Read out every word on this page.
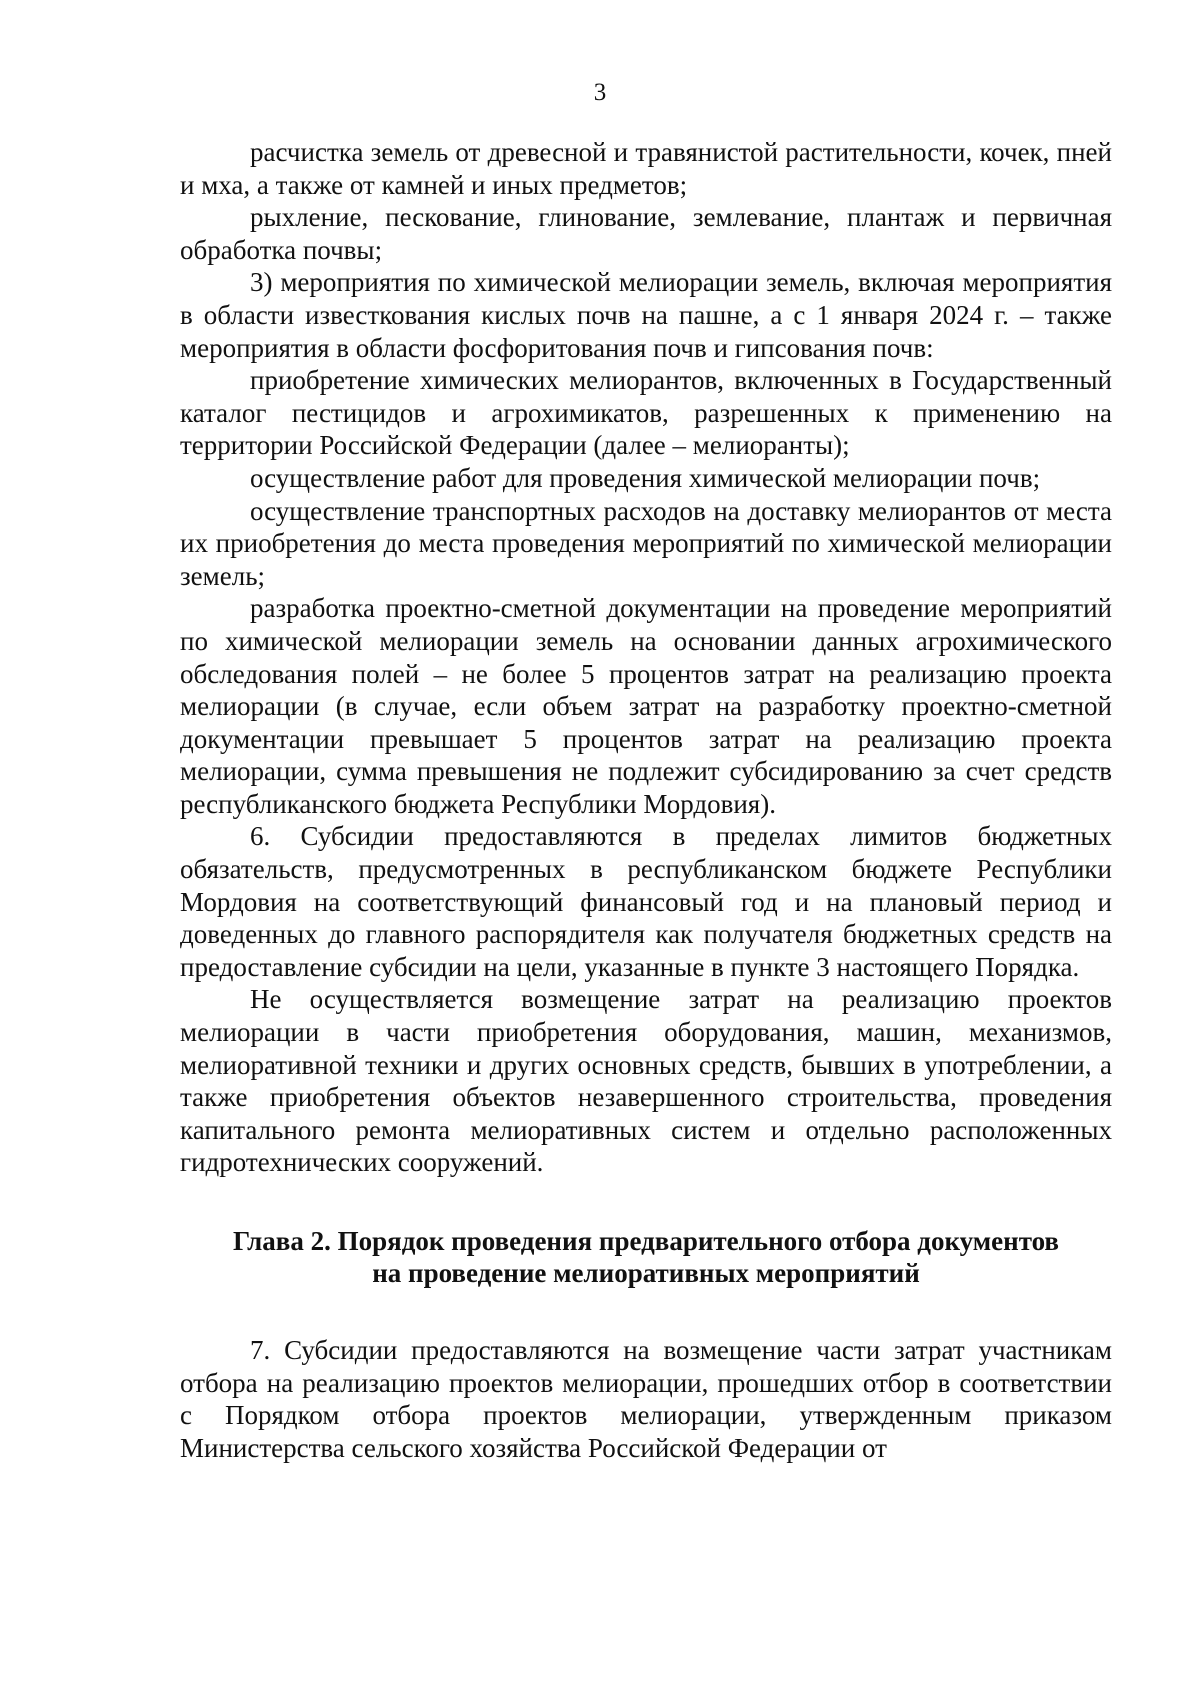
3

расчистка земель от древесной и травянистой растительности, кочек, пней и мха, а также от камней и иных предметов;

рыхление, пескование, глинование, землевание, плантаж и первичная обработка почвы;

3) мероприятия по химической мелиорации земель, включая мероприятия в области известкования кислых почв на пашне, а с 1 января 2024 г. – также мероприятия в области фосфоритования почв и гипсования почв:

приобретение химических мелиорантов, включенных в Государственный каталог пестицидов и агрохимикатов, разрешенных к применению на территории Российской Федерации (далее – мелиоранты);

осуществление работ для проведения химической мелиорации почв;

осуществление транспортных расходов на доставку мелиорантов от места их приобретения до места проведения мероприятий по химической мелиорации земель;

разработка проектно-сметной документации на проведение мероприятий по химической мелиорации земель на основании данных агрохимического обследования полей – не более 5 процентов затрат на реализацию проекта мелиорации (в случае, если объем затрат на разработку проектно-сметной документации превышает 5 процентов затрат на реализацию проекта мелиорации, сумма превышения не подлежит субсидированию за счет средств республиканского бюджета Республики Мордовия).

6. Субсидии предоставляются в пределах лимитов бюджетных обязательств, предусмотренных в республиканском бюджете Республики Мордовия на соответствующий финансовый год и на плановый период и доведенных до главного распорядителя как получателя бюджетных средств на предоставление субсидии на цели, указанные в пункте 3 настоящего Порядка.

Не осуществляется возмещение затрат на реализацию проектов мелиорации в части приобретения оборудования, машин, механизмов, мелиоративной техники и других основных средств, бывших в употреблении, а также приобретения объектов незавершенного строительства, проведения капитального ремонта мелиоративных систем и отдельно расположенных гидротехнических сооружений.

Глава 2. Порядок проведения предварительного отбора документов
на проведение мелиоративных мероприятий

7. Субсидии предоставляются на возмещение части затрат участникам отбора на реализацию проектов мелиорации, прошедших отбор в соответствии с Порядком отбора проектов мелиорации, утвержденным приказом Министерства сельского хозяйства Российской Федерации от
